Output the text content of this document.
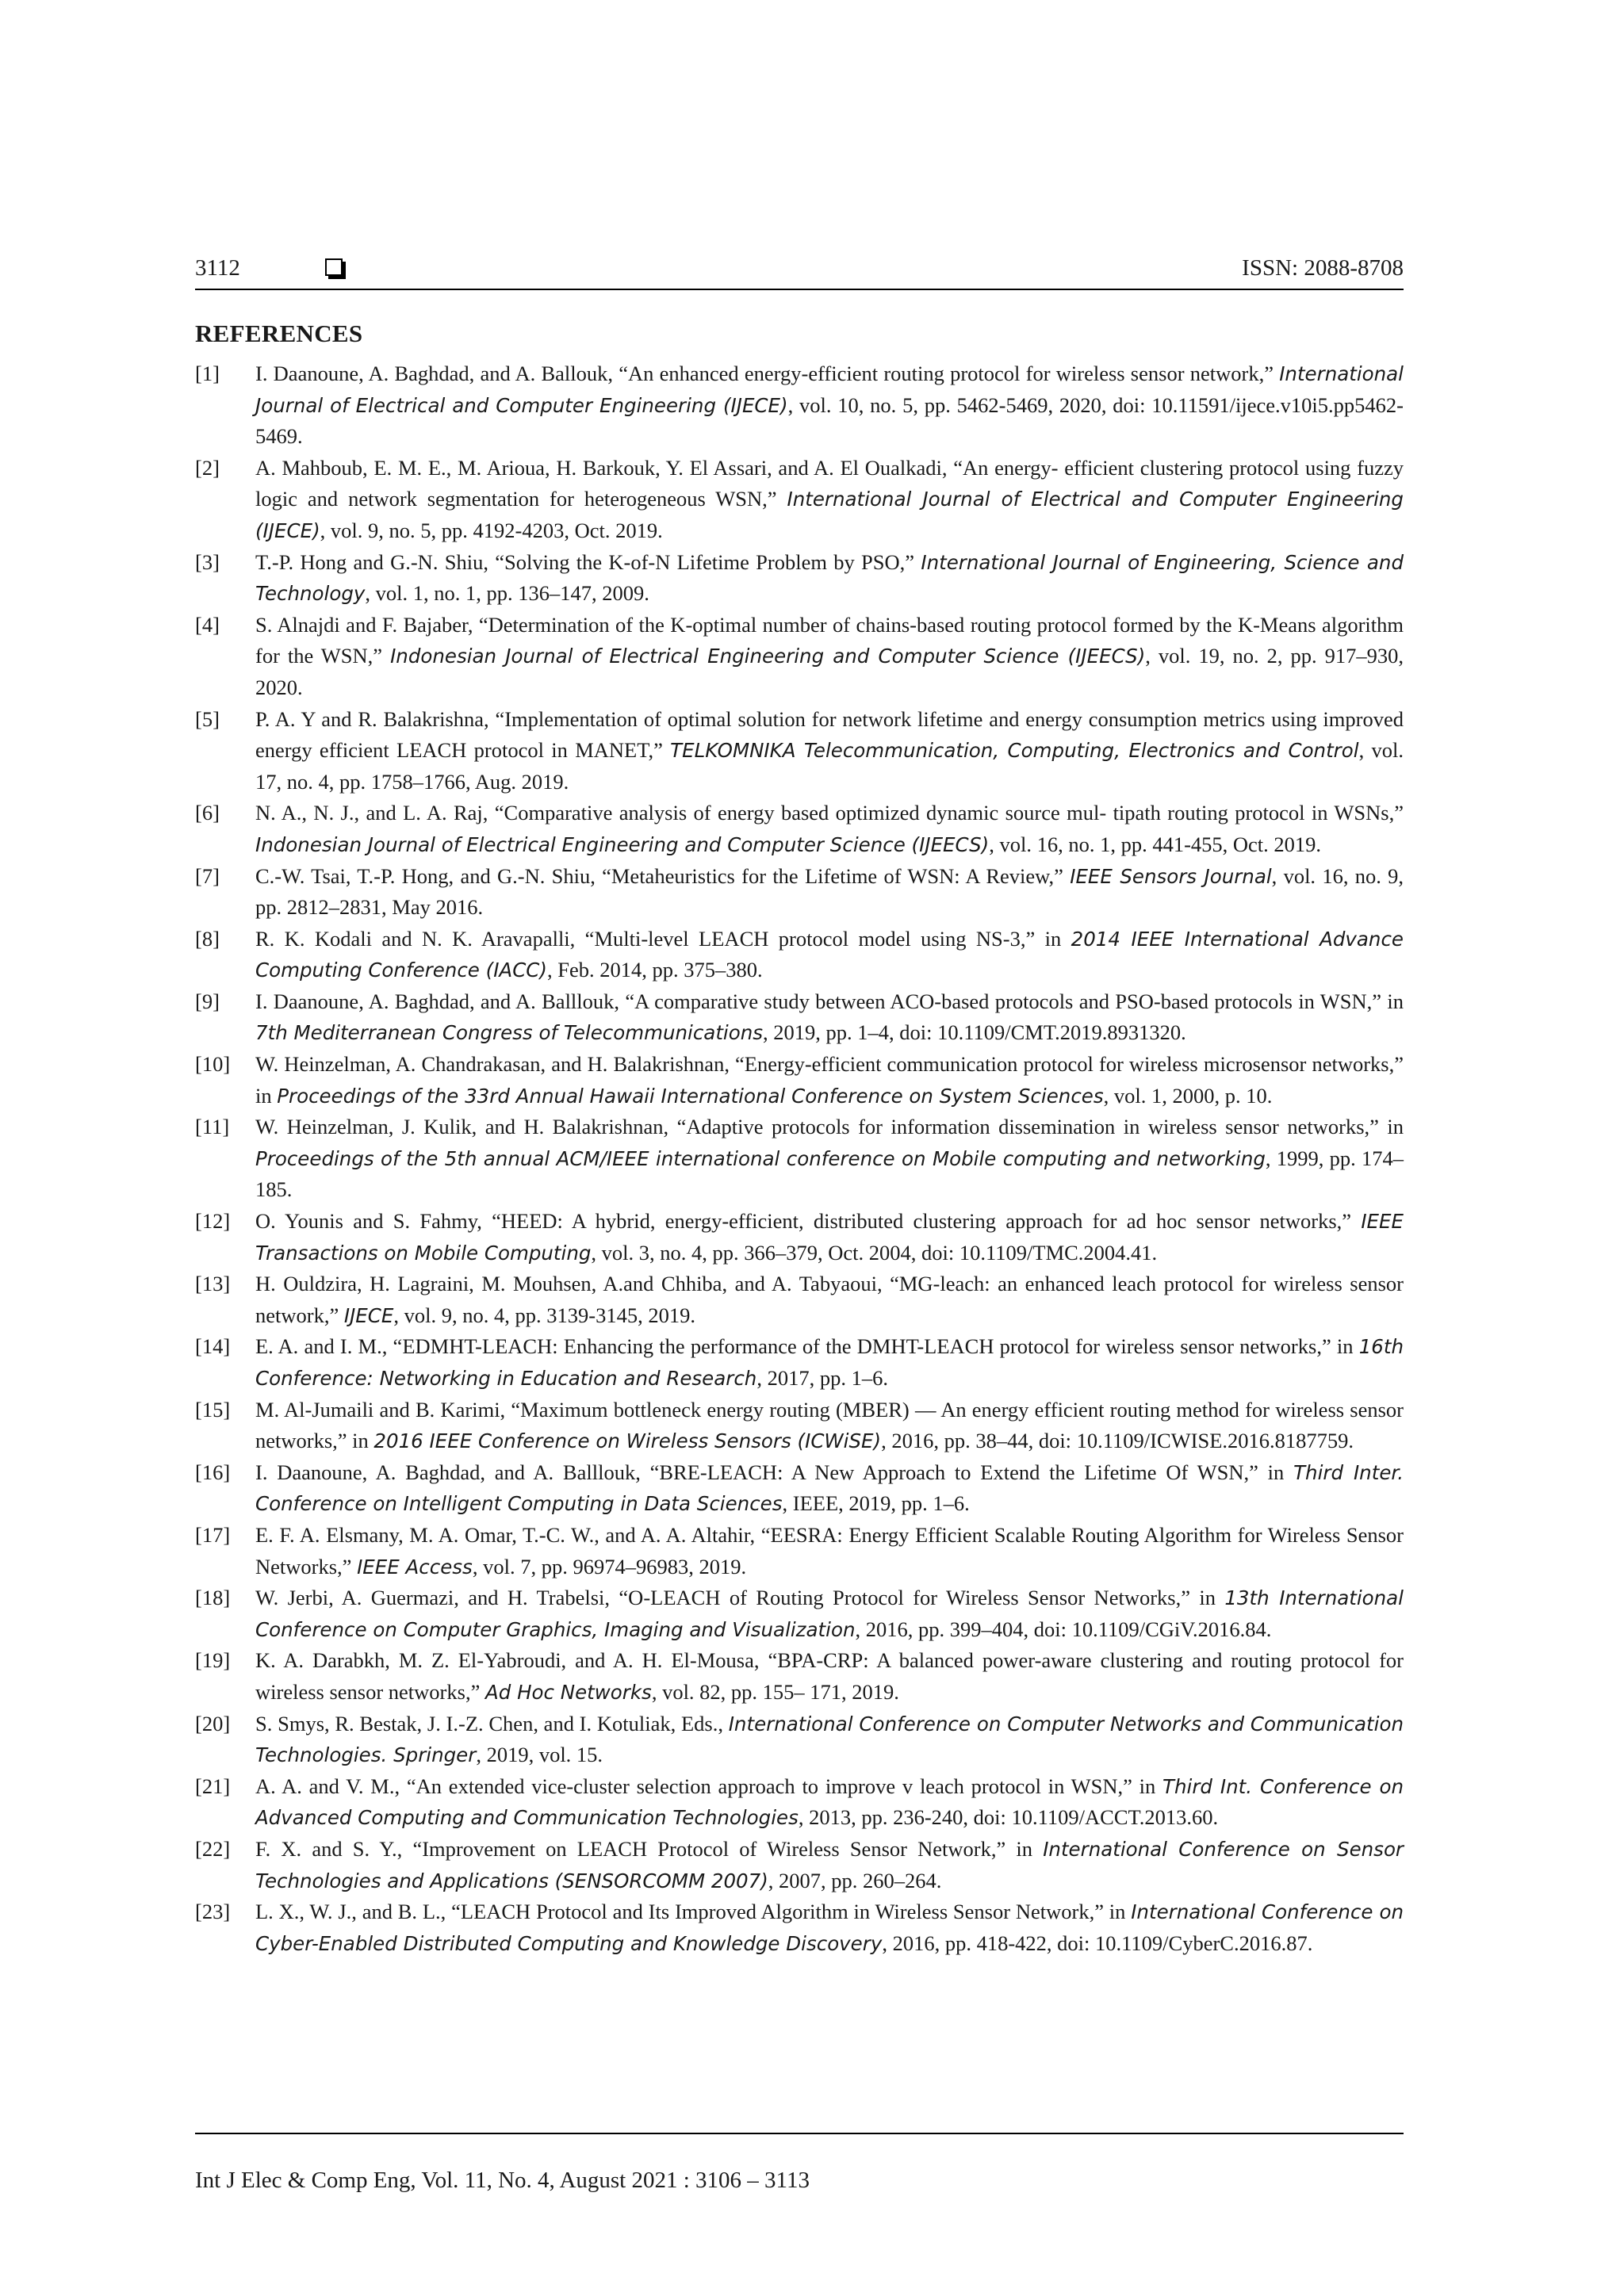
3112	ISSN: 2088-8708
REFERENCES
[1] I. Daanoune, A. Baghdad, and A. Ballouk, “An enhanced energy-efficient routing protocol for wireless sensor network,” International Journal of Electrical and Computer Engineering (IJECE), vol. 10, no. 5, pp. 5462-5469, 2020, doi: 10.11591/ijece.v10i5.pp5462-5469.
[2] A. Mahboub, E. M. E., M. Arioua, H. Barkouk, Y. El Assari, and A. El Oualkadi, “An energy- efficient clustering protocol using fuzzy logic and network segmentation for heterogeneous WSN,” International Journal of Electrical and Computer Engineering (IJECE), vol. 9, no. 5, pp. 4192-4203, Oct. 2019.
[3] T.-P. Hong and G.-N. Shiu, “Solving the K-of-N Lifetime Problem by PSO,” International Journal of Engineering, Science and Technology, vol. 1, no. 1, pp. 136–147, 2009.
[4] S. Alnajdi and F. Bajaber, “Determination of the K-optimal number of chains-based routing protocol formed by the K-Means algorithm for the WSN,” Indonesian Journal of Electrical Engineering and Computer Science (IJEECS), vol. 19, no. 2, pp. 917–930, 2020.
[5] P. A. Y and R. Balakrishna, “Implementation of optimal solution for network lifetime and energy consumption metrics using improved energy efficient LEACH protocol in MANET,” TELKOMNIKA Telecommunication, Computing, Electronics and Control, vol. 17, no. 4, pp. 1758–1766, Aug. 2019.
[6] N. A., N. J., and L. A. Raj, “Comparative analysis of energy based optimized dynamic source mul- tipath routing protocol in WSNs,” Indonesian Journal of Electrical Engineering and Computer Science (IJEECS), vol. 16, no. 1, pp. 441-455, Oct. 2019.
[7] C.-W. Tsai, T.-P. Hong, and G.-N. Shiu, “Metaheuristics for the Lifetime of WSN: A Review,” IEEE Sensors Journal, vol. 16, no. 9, pp. 2812–2831, May 2016.
[8] R. K. Kodali and N. K. Aravapalli, “Multi-level LEACH protocol model using NS-3,” in 2014 IEEE International Advance Computing Conference (IACC), Feb. 2014, pp. 375–380.
[9] I. Daanoune, A. Baghdad, and A. Balllouk, “A comparative study between ACO-based protocols and PSO-based protocols in WSN,” in 7th Mediterranean Congress of Telecommunications, 2019, pp. 1–4, doi: 10.1109/CMT.2019.8931320.
[10] W. Heinzelman, A. Chandrakasan, and H. Balakrishnan, “Energy-efficient communication protocol for wireless microsensor networks,” in Proceedings of the 33rd Annual Hawaii International Conference on System Sciences, vol. 1, 2000, p. 10.
[11] W. Heinzelman, J. Kulik, and H. Balakrishnan, “Adaptive protocols for information dissemination in wireless sensor networks,” in Proceedings of the 5th annual ACM/IEEE international conference on Mobile computing and networking, 1999, pp. 174–185.
[12] O. Younis and S. Fahmy, “HEED: A hybrid, energy-efficient, distributed clustering approach for ad hoc sensor networks,” IEEE Transactions on Mobile Computing, vol. 3, no. 4, pp. 366–379, Oct. 2004, doi: 10.1109/TMC.2004.41.
[13] H. Ouldzira, H. Lagraini, M. Mouhsen, A.and Chhiba, and A. Tabyaoui, “MG-leach: an enhanced leach protocol for wireless sensor network,” IJECE, vol. 9, no. 4, pp. 3139-3145, 2019.
[14] E. A. and I. M., “EDMHT-LEACH: Enhancing the performance of the DMHT-LEACH protocol for wireless sensor networks,” in 16th Conference: Networking in Education and Research, 2017, pp. 1–6.
[15] M. Al-Jumaili and B. Karimi, “Maximum bottleneck energy routing (MBER) — An energy efficient routing method for wireless sensor networks,” in 2016 IEEE Conference on Wireless Sensors (ICWiSE), 2016, pp. 38–44, doi: 10.1109/ICWISE.2016.8187759.
[16] I. Daanoune, A. Baghdad, and A. Balllouk, “BRE-LEACH: A New Approach to Extend the Lifetime Of WSN,” in Third Inter. Conference on Intelligent Computing in Data Sciences, IEEE, 2019, pp. 1–6.
[17] E. F. A. Elsmany, M. A. Omar, T.-C. W., and A. A. Altahir, “EESRA: Energy Efficient Scalable Routing Algorithm for Wireless Sensor Networks,” IEEE Access, vol. 7, pp. 96974–96983, 2019.
[18] W. Jerbi, A. Guermazi, and H. Trabelsi, “O-LEACH of Routing Protocol for Wireless Sensor Networks,” in 13th International Conference on Computer Graphics, Imaging and Visualization, 2016, pp. 399–404, doi: 10.1109/CGiV.2016.84.
[19] K. A. Darabkh, M. Z. El-Yabroudi, and A. H. El-Mousa, “BPA-CRP: A balanced power-aware clustering and routing protocol for wireless sensor networks,” Ad Hoc Networks, vol. 82, pp. 155– 171, 2019.
[20] S. Smys, R. Bestak, J. I.-Z. Chen, and I. Kotuliak, Eds., International Conference on Computer Networks and Communication Technologies. Springer, 2019, vol. 15.
[21] A. A. and V. M., “An extended vice-cluster selection approach to improve v leach protocol in WSN,” in Third Int. Conference on Advanced Computing and Communication Technologies, 2013, pp. 236-240, doi: 10.1109/ACCT.2013.60.
[22] F. X. and S. Y., “Improvement on LEACH Protocol of Wireless Sensor Network,” in International Conference on Sensor Technologies and Applications (SENSORCOMM 2007), 2007, pp. 260–264.
[23] L. X., W. J., and B. L., “LEACH Protocol and Its Improved Algorithm in Wireless Sensor Network,” in International Conference on Cyber-Enabled Distributed Computing and Knowledge Discovery, 2016, pp. 418-422, doi: 10.1109/CyberC.2016.87.
Int J Elec & Comp Eng, Vol. 11, No. 4, August 2021 : 3106 – 3113
